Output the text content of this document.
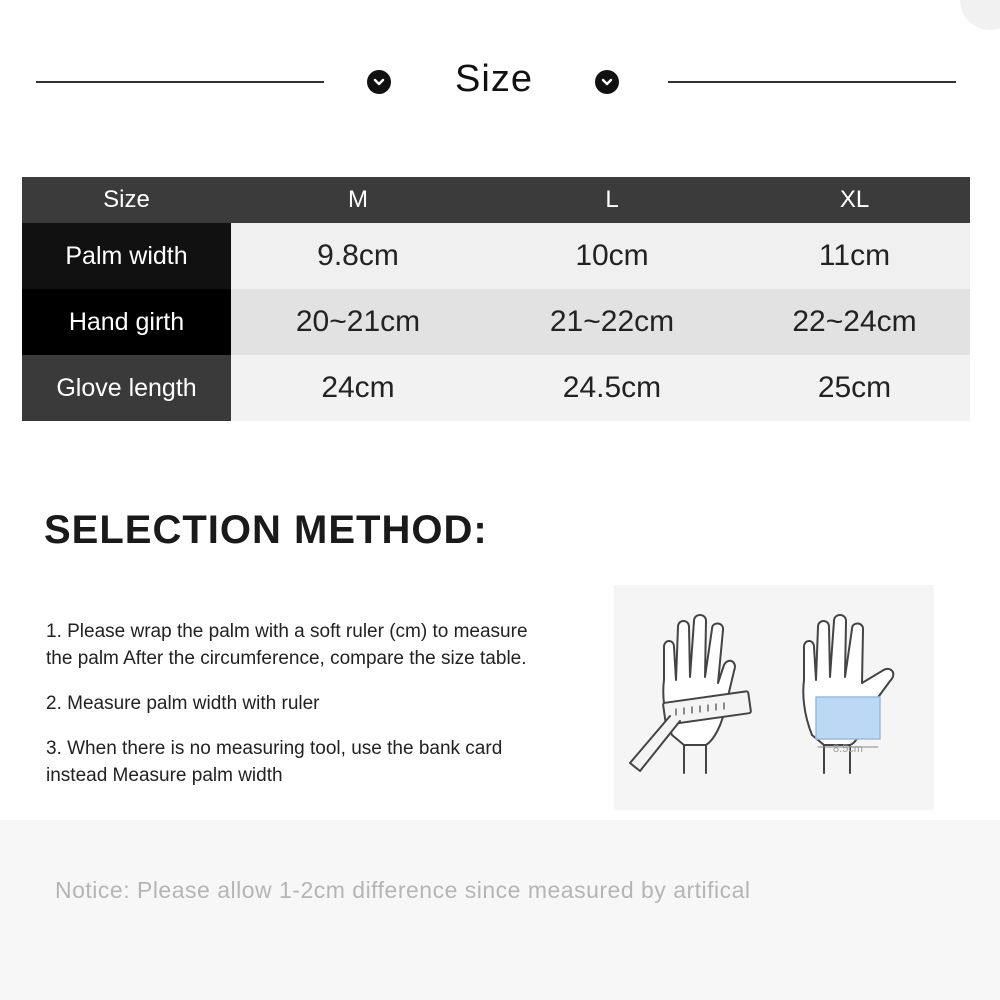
Size
Size	M	L	XL
Palm width	9.8cm	10cm	11cm
Hand girth	20~21cm	21~22cm	22~24cm
Glove length	24cm	24.5cm	25cm
SELECTION METHOD:

1. Please wrap the palm with a soft ruler (cm) to measure
the palm After the circumference, compare the size table.

2. Measure palm width with ruler

3. When there is no measuring tool, use the bank card
instead Measure palm width

8.5cm
Notice: Please allow 1-2cm difference since measured by artifical
